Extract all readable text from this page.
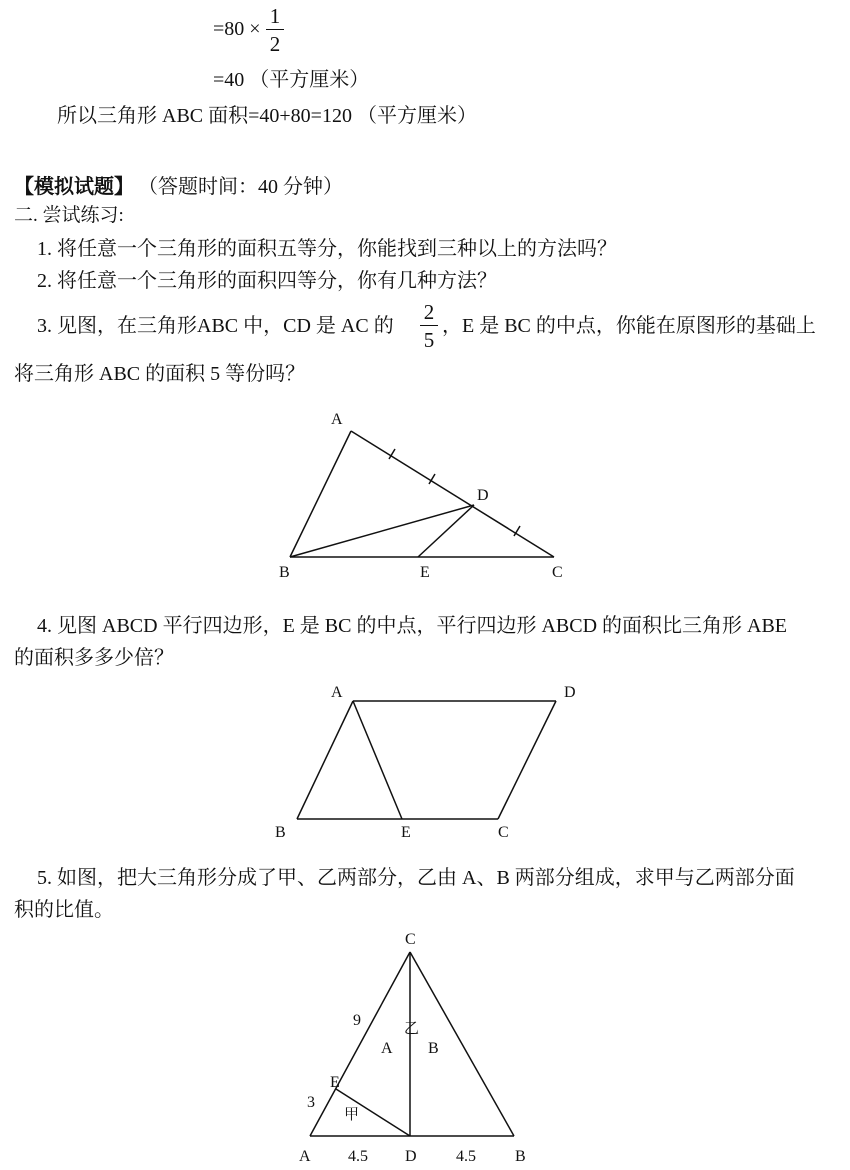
=80 ×
1
2
=40 （平方厘米）
所以三角形 ABC 面积=40+80=120 （平方厘米）
【模拟试题】 （答题时间：40 分钟）
二. 尝试练习:
1. 将任意一个三角形的面积五等分，你能找到三种以上的方法吗？
2. 将任意一个三角形的面积四等分，你有几种方法？
3. 见图，在三角形ABC 中，CD 是 AC 的
2
5
，E 是 BC 的中点，你能在原图形的基础上
将三角形 ABC 的面积 5 等份吗？
A
D
B	E	C
4. 见图 ABCD 平行四边形，E 是 BC 的中点，平行四边形 ABCD 的面积比三角形 ABE
的面积多多少倍？
A	D
B	E	C
5. 如图，把大三角形分成了甲、乙两部分，乙由 A、B 两部分组成，求甲与乙两部分面
积的比值。
C
9	乙
A B
E
3
甲
A 4.5 D 4.5 B
